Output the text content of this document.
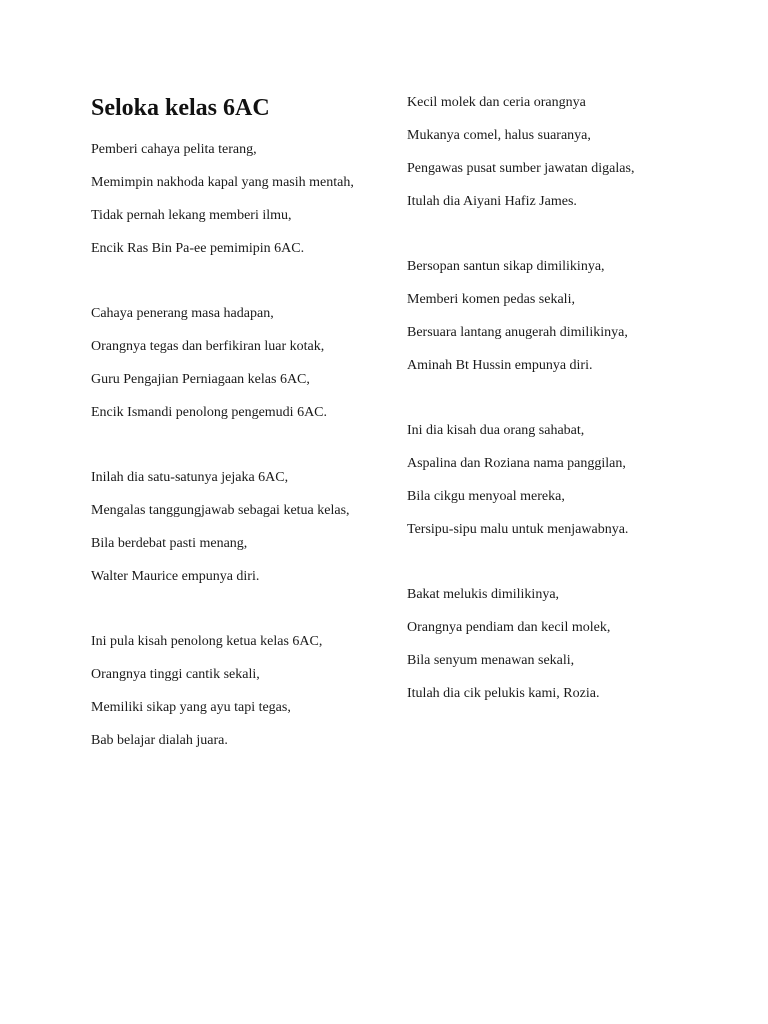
Seloka kelas 6AC

Pemberi cahaya pelita terang,

Memimpin nakhoda kapal yang masih mentah,

Tidak pernah lekang memberi ilmu,

Encik Ras Bin Pa-ee pemimipin 6AC.

Cahaya penerang masa hadapan,

Orangnya tegas dan berfikiran luar kotak,

Guru Pengajian Perniagaan kelas 6AC,

Encik Ismandi penolong pengemudi 6AC.

Inilah dia satu-satunya jejaka 6AC,

Mengalas tanggungjawab sebagai ketua kelas,

Bila berdebat pasti menang,

Walter Maurice empunya diri.

Ini pula kisah penolong ketua kelas 6AC,

Orangnya tinggi cantik sekali,

Memiliki sikap yang ayu tapi tegas,

Bab belajar dialah juara.

Kecil molek dan ceria orangnya

Mukanya comel, halus suaranya,

Pengawas pusat sumber jawatan digalas,

Itulah dia Aiyani Hafiz James.

Bersopan santun sikap dimilikinya,

Memberi komen pedas sekali,

Bersuara lantang anugerah dimilikinya,

Aminah Bt Hussin empunya diri.

Ini dia kisah dua orang sahabat,

Aspalina dan Roziana nama panggilan,

Bila cikgu menyoal mereka,

Tersipu-sipu malu untuk menjawabnya.

Bakat melukis dimilikinya,

Orangnya pendiam dan kecil molek,

Bila senyum menawan sekali,

Itulah dia cik pelukis kami, Rozia.
